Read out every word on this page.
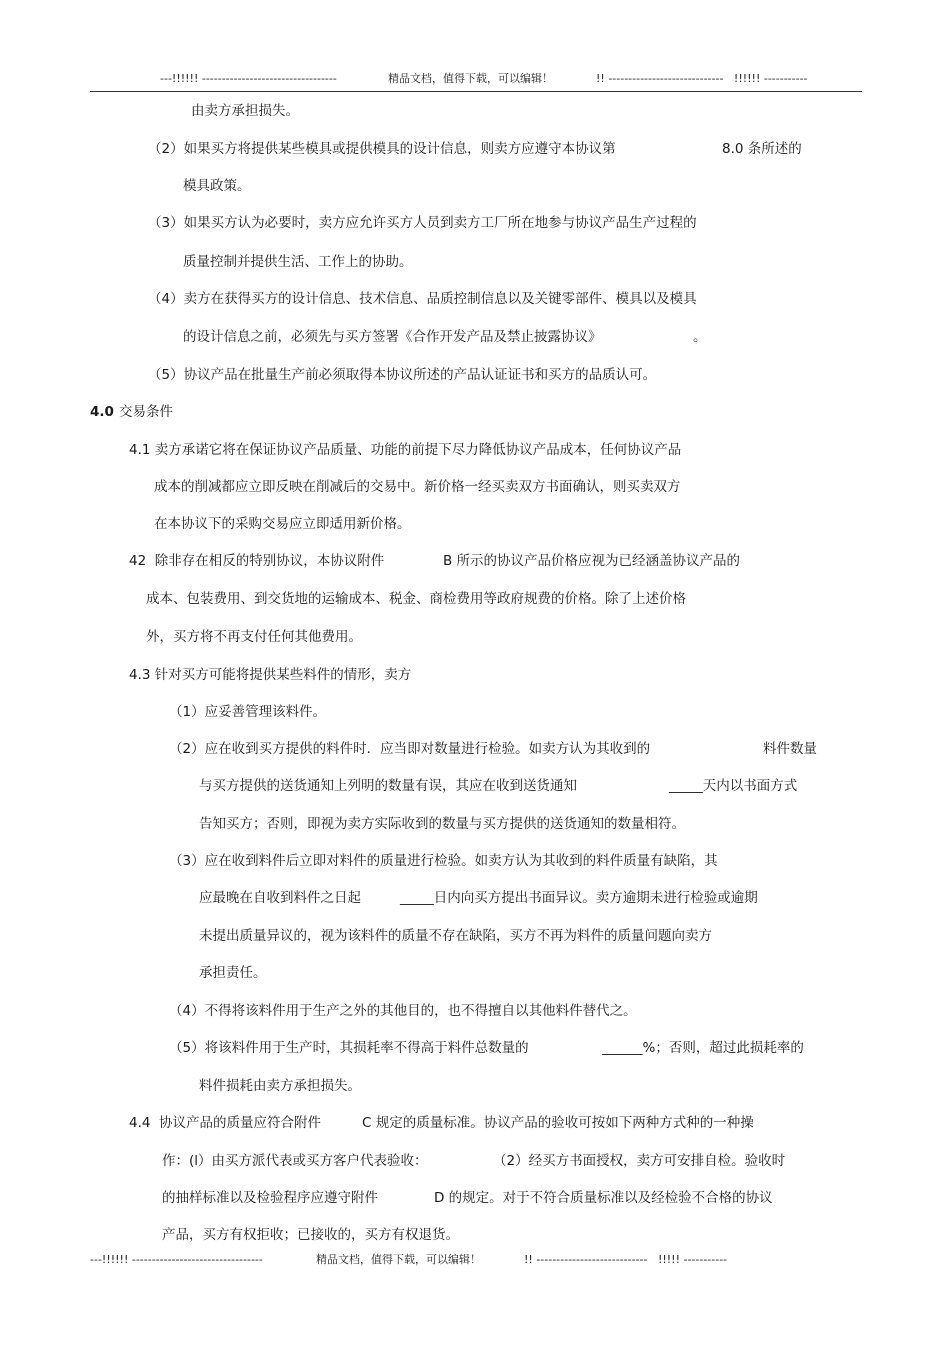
---!!!!!! ----------------------------------	精品文档，值得下载，可以编辑！	!! -----------------------------   !!!!!! -----------
由卖方承担损失。
（2）如果买方将提供某些模具或提供模具的设计信息，则卖方应遵守本协议第	8.0 条所述的
模具政策。
（3）如果买方认为必要时，卖方应允许买方人员到卖方工厂所在地参与协议产品生产过程的
质量控制并提供生活、工作上的协助。
（4）卖方在获得买方的设计信息、技术信息、品质控制信息以及关键零部件、模具以及模具
的设计信息之前，必须先与买方签署《合作开发产品及禁止披露协议》	。
（5）协议产品在批量生产前必须取得本协议所述的产品认证证书和买方的品质认可。
4.0 交易条件
4.1 卖方承诺它将在保证协议产品质量、功能的前提下尽力降低协议产品成本，任何协议产品
成本的削减都应立即反映在削减后的交易中。新价格一经买卖双方书面确认，则买卖双方
在本协议下的采购交易应立即适用新价格。
42  除非存在相反的特别协议，本协议附件	B 所示的协议产品价格应视为已经涵盖协议产品的
成本、包装费用、到交货地的运输成本、税金、商检费用等政府规费的价格。除了上述价格
外，买方将不再支付任何其他费用。
4.3 针对买方可能将提供某些料件的情形，卖方
（1）应妥善管理该料件。
（2）应在收到买方提供的料件时．应当即对数量进行检验。如卖方认为其收到的	料件数量
与买方提供的送货通知上列明的数量有误，其应在收到送货通知	_____天内以书面方式
告知买方；否则，即视为卖方实际收到的数量与买方提供的送货通知的数量相符。
（3）应在收到料件后立即对料件的质量进行检验。如卖方认为其收到的料件质量有缺陷，其
应最晚在自收到料件之日起	_____日内向买方提出书面异议。卖方逾期未进行检验或逾期
未提出质量异议的，视为该料件的质量不存在缺陷，买方不再为料件的质量问题向卖方
承担责任。
（4）不得将该料件用于生产之外的其他目的，也不得擅自以其他料件替代之。
（5）将该料件用于生产时，其损耗率不得高于料件总数量的	______%；否则，超过此损耗率的
料件损耗由卖方承担损失。
4.4  协议产品的质量应符合附件	C 规定的质量标准。协议产品的验收可按如下两种方式种的一种操
作：(l）由买方派代表或买方客户代表验收：	（2）经买方书面授权，卖方可安排自检。验收时
的抽样标准以及检验程序应遵守附件	D 的规定。对于不符合质量标准以及经检验不合格的协议
产品，买方有权拒收；已接收的，买方有权退货。
---!!!!!! ---------------------------------	精品文档，值得下载，可以编辑！	!! ----------------------------   !!!!! -----------
